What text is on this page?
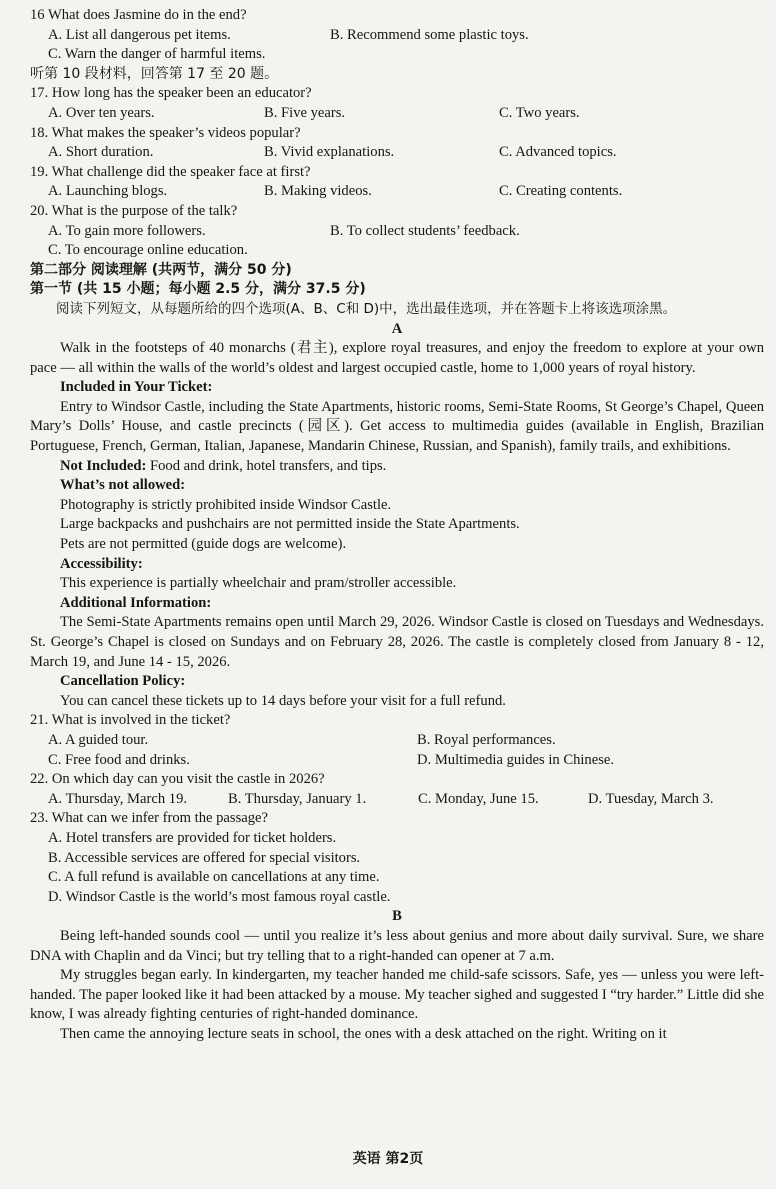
16 What does Jasmine do in the end?

A. List all dangerous pet items.	B. Recommend some plastic toys.

C. Warn the danger of harmful items.

听第 10 段材料，回答第 17 至 20 题。

17. How long has the speaker been an educator?

A. Over ten years.	B. Five years.	C. Two years.

18. What makes the speaker’s videos popular?

A. Short duration.	B. Vivid explanations.	C. Advanced topics.

19. What challenge did the speaker face at first?

A. Launching blogs.	B. Making videos.	C. Creating contents.

20. What is the purpose of the talk?

A. To gain more followers.	B. To collect students’ feedback.

C. To encourage online education.

第二部分 阅读理解 (共两节，满分 50 分)

第一节 (共 15 小题；每小题 2.5 分，满分 37.5 分)

阅读下列短文，从每题所给的四个选项(A、B、C和 D)中，选出最佳选项，并在答题卡上将该选项涂黑。

A

Walk in the footsteps of 40 monarchs (君主), explore royal treasures, and enjoy the freedom to explore at your own pace — all within the walls of the world’s oldest and largest occupied castle, home to 1,000 years of royal history.

Included in Your Ticket:

Entry to Windsor Castle, including the State Apartments, historic rooms, Semi-State Rooms, St George’s Chapel, Queen Mary’s Dolls’ House, and castle precincts (园区). Get access to multimedia guides (available in English, Brazilian Portuguese, French, German, Italian, Japanese, Mandarin Chinese, Russian, and Spanish), family trails, and exhibitions.

Not Included: Food and drink, hotel transfers, and tips.

What’s not allowed:

Photography is strictly prohibited inside Windsor Castle.

Large backpacks and pushchairs are not permitted inside the State Apartments.

Pets are not permitted (guide dogs are welcome).

Accessibility:

This experience is partially wheelchair and pram/stroller accessible.

Additional Information:

The Semi-State Apartments remains open until March 29, 2026. Windsor Castle is closed on Tuesdays and Wednesdays. St. George’s Chapel is closed on Sundays and on February 28, 2026. The castle is completely closed from January 8 - 12, March 19, and June 14 - 15, 2026.

Cancellation Policy:

You can cancel these tickets up to 14 days before your visit for a full refund.

21. What is involved in the ticket?

A. A guided tour.	B. Royal performances.
C. Free food and drinks.	D. Multimedia guides in Chinese.

22. On which day can you visit the castle in 2026?

A. Thursday, March 19.	B. Thursday, January 1.	C. Monday, June 15.	D. Tuesday, March 3.

23. What can we infer from the passage?

A. Hotel transfers are provided for ticket holders.

B. Accessible services are offered for special visitors.

C. A full refund is available on cancellations at any time.

D. Windsor Castle is the world’s most famous royal castle.

B

Being left-handed sounds cool — until you realize it’s less about genius and more about daily survival. Sure, we share DNA with Chaplin and da Vinci; but try telling that to a right-handed can opener at 7 a.m.

My struggles began early. In kindergarten, my teacher handed me child-safe scissors. Safe, yes — unless you were left-handed. The paper looked like it had been attacked by a mouse. My teacher sighed and suggested I “try harder.” Little did she know, I was already fighting centuries of right-handed dominance.

Then came the annoying lecture seats in school, the ones with a desk attached on the right. Writing on it

英语 第2页
